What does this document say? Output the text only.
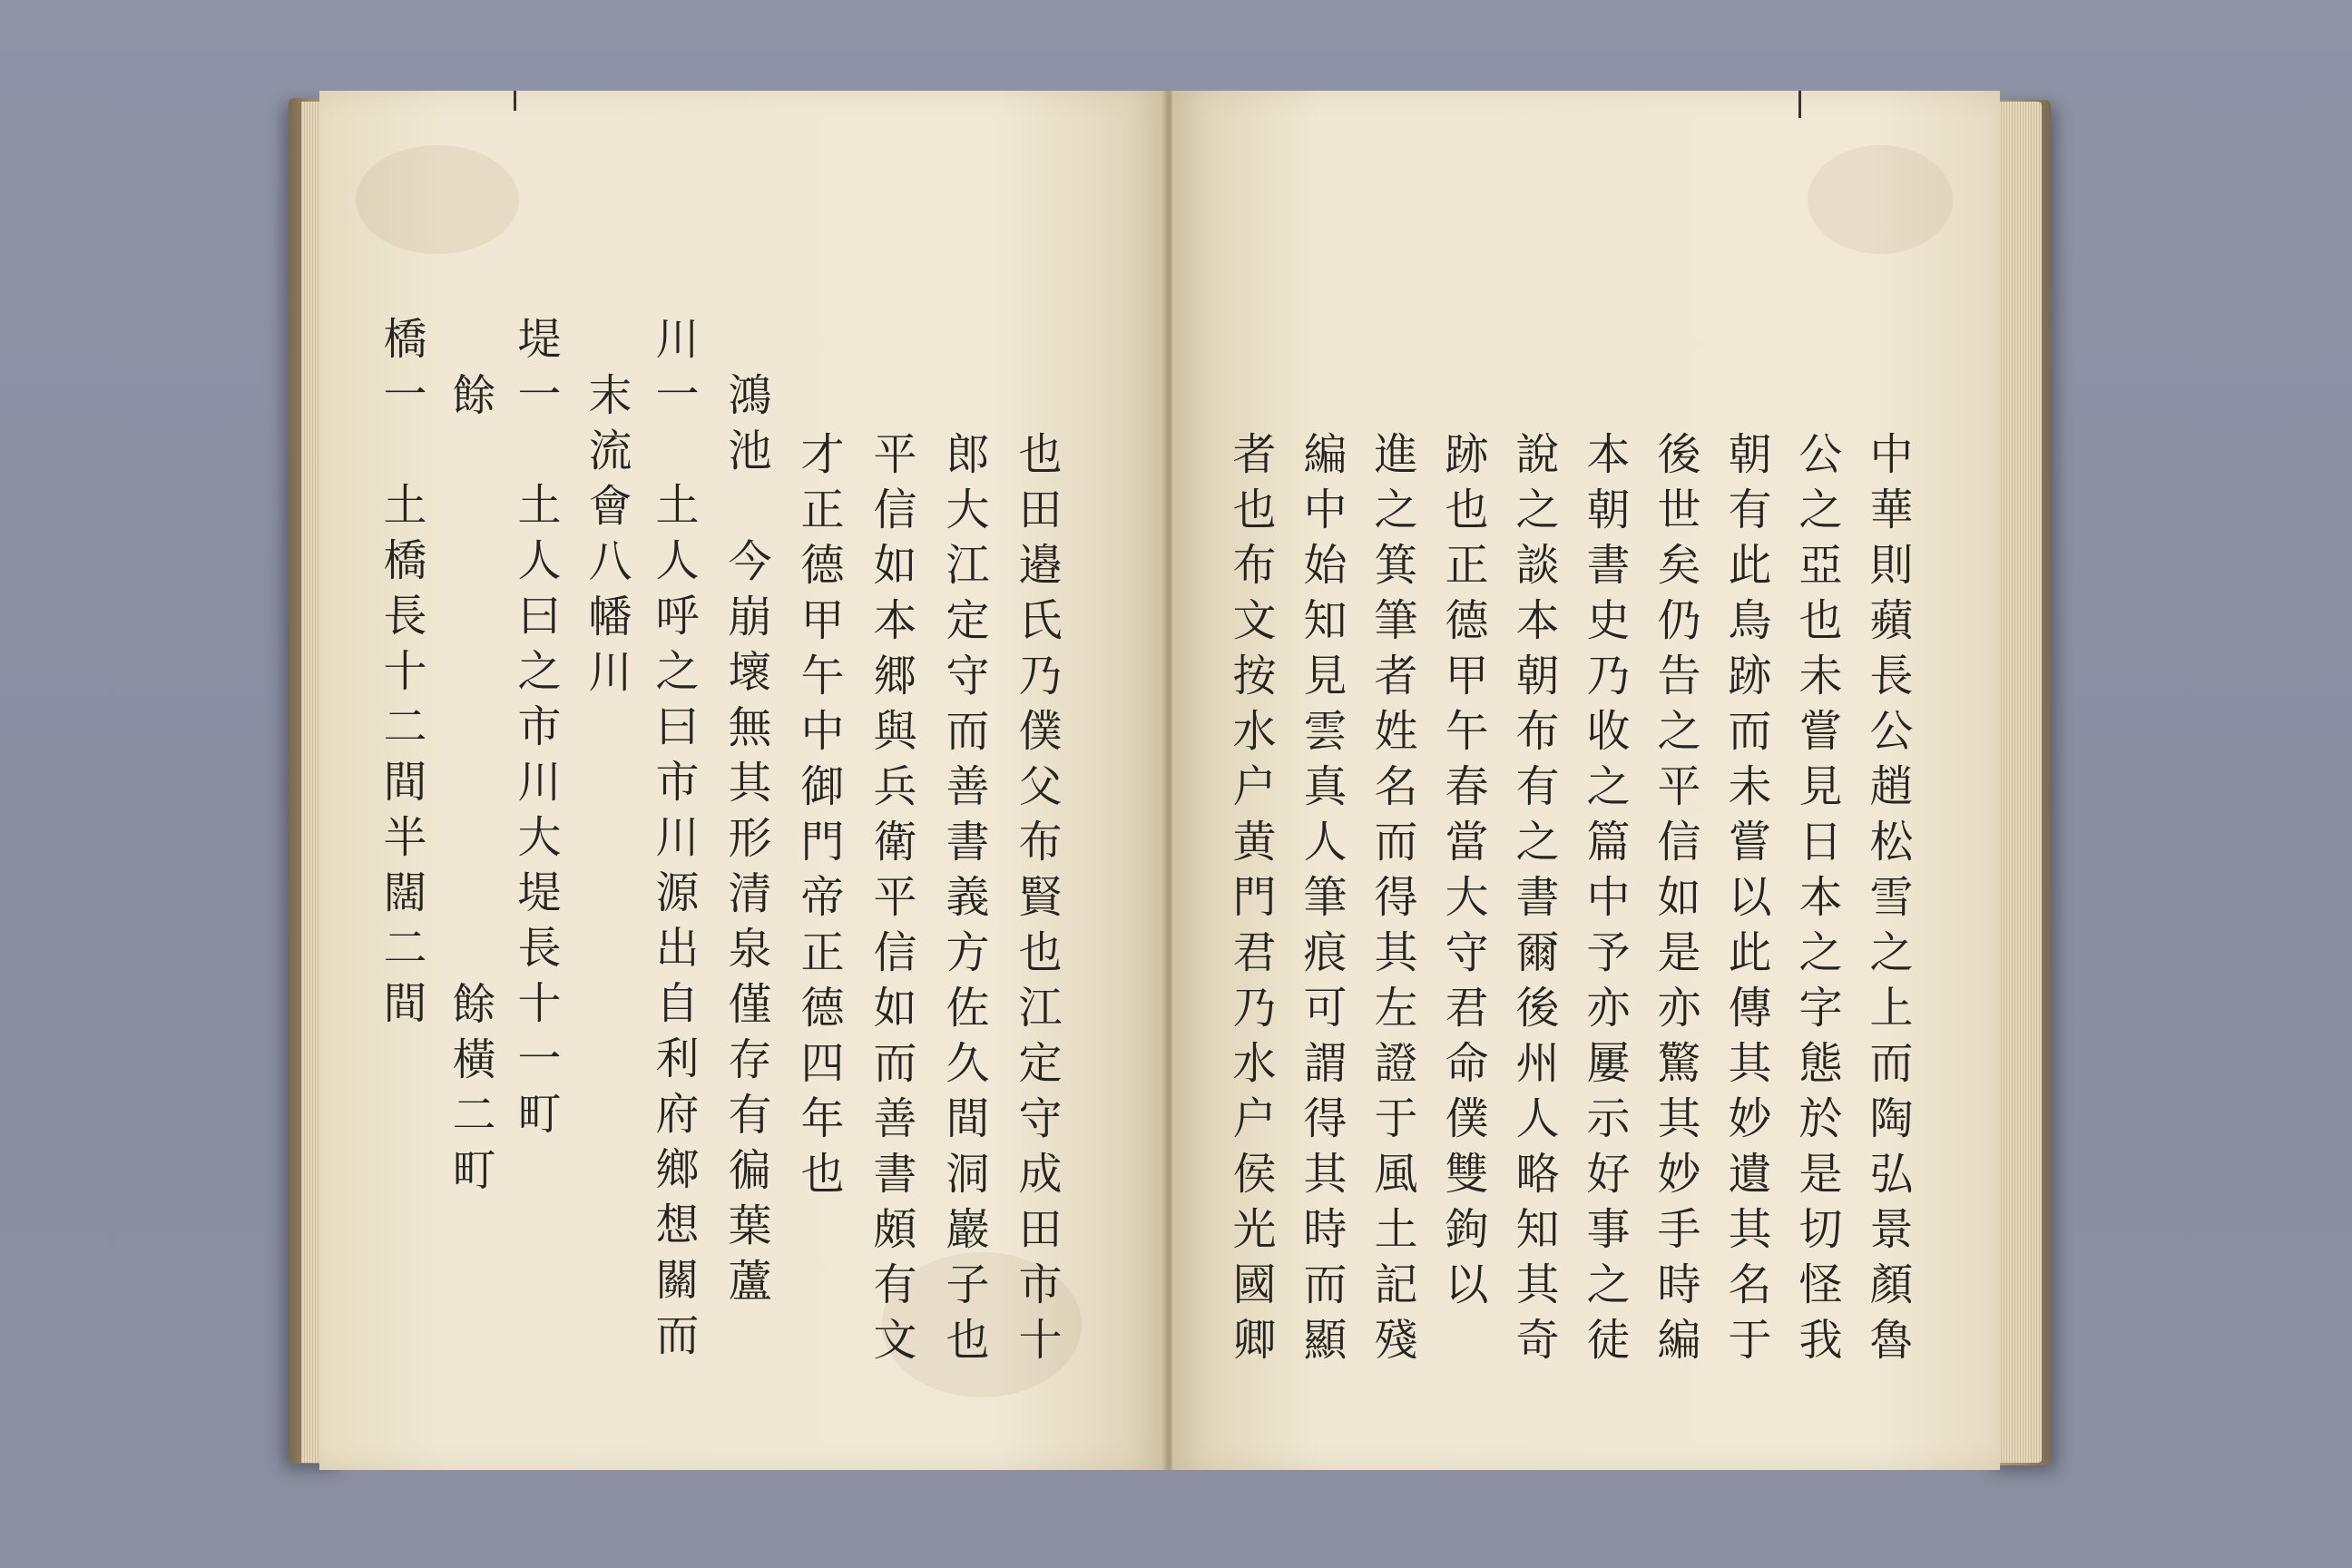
也田邉氏乃僕父布賢也江定守成田市十
郎大江定守而善書義方佐久間洞巖子也
平信如本郷與兵衛平信如而善書頗有文
才正德甲午中御門帝正德四年也
鴻池　今崩壞無其形清泉僅存有徧葉蘆
川一　土人呼之曰市川源出自利府鄉想關而
末流會八幡川
堤一　土人曰之市川大堤長十一町
餘　　　　　　　　　　餘橫二町
橋一　土橋長十二間半闊二間	中華則蘋長公趙松雪之上而陶弘景顏魯
公之亞也未嘗見日本之字態於是切怪我
朝有此鳥跡而未嘗以此傳其妙遺其名于
後世矣仍告之平信如是亦驚其妙手時編
本朝書史乃收之篇中予亦屢示好事之徒
說之談本朝布有之書爾後州人略知其奇
跡也正德甲午春當大守君命僕雙鉤以
進之箕筆者姓名而得其左證于風土記殘
編中始知見雲真人筆痕可謂得其時而顯
者也布文按水户黄門君乃水户侯光國卿
